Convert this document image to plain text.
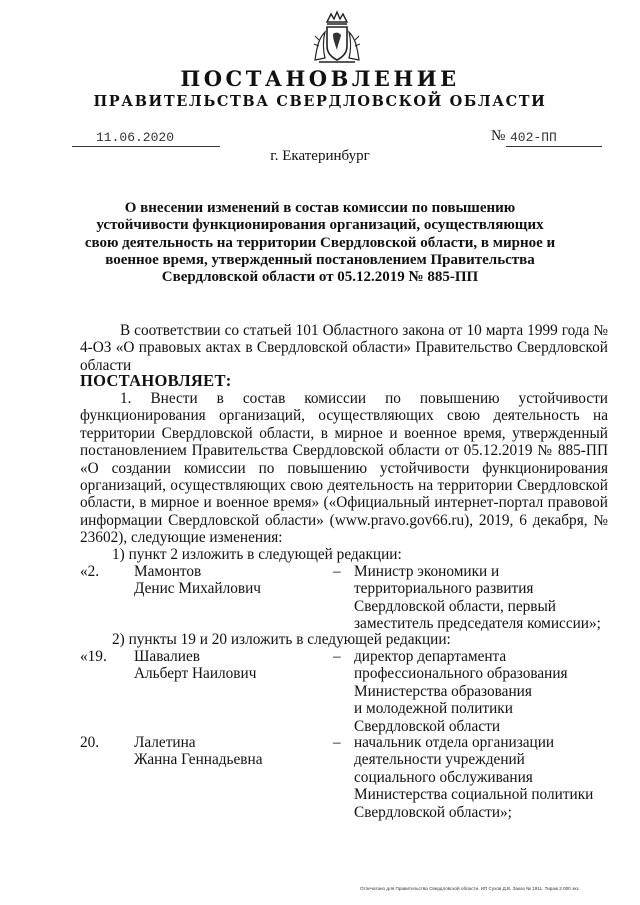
ПОСТАНОВЛЕНИЕ
ПРАВИТЕЛЬСТВА СВЕРДЛОВСКОЙ ОБЛАСТИ
11.06.2020	№ 402-ПП
г. Екатеринбург
О внесении изменений в состав комиссии по повышению устойчивости функционирования организаций, осуществляющих свою деятельность на территории Свердловской области, в мирное и военное время, утвержденный постановлением Правительства Свердловской области от 05.12.2019 № 885-ПП
В соответствии со статьей 101 Областного закона от 10 марта 1999 года № 4-ОЗ «О правовых актах в Свердловской области» Правительство Свердловской области
ПОСТАНОВЛЯЕТ:
1. Внести в состав комиссии по повышению устойчивости функционирования организаций, осуществляющих свою деятельность на территории Свердловской области, в мирное и военное время, утвержденный постановлением Правительства Свердловской области от 05.12.2019 № 885-ПП «О создании комиссии по повышению устойчивости функционирования организаций, осуществляющих свою деятельность на территории Свердловской области, в мирное и военное время» («Официальный интернет-портал правовой информации Свердловской области» (www.pravo.gov66.ru), 2019, 6 декабря, № 23602), следующие изменения:
1) пункт 2 изложить в следующей редакции:
«2. Мамонтов
Денис Михайлович
– Министр экономики и
территориального развития
Свердловской области, первый
заместитель председателя комиссии»;
2) пункты 19 и 20 изложить в следующей редакции:
«19. Шавалиев
Альберт Наилович
– директор департамента
профессионального образования
Министерства образования
и молодежной политики
Свердловской области
20. Лалетина
Жанна Геннадьевна
– начальник отдела организации
деятельности учреждений
социального обслуживания
Министерства социальной политики
Свердловской области»;
Отпечатано для Правительства Свердловской области. ИП Сухов Д.В. Заказ № 1911. Тираж 2 000 экз.
